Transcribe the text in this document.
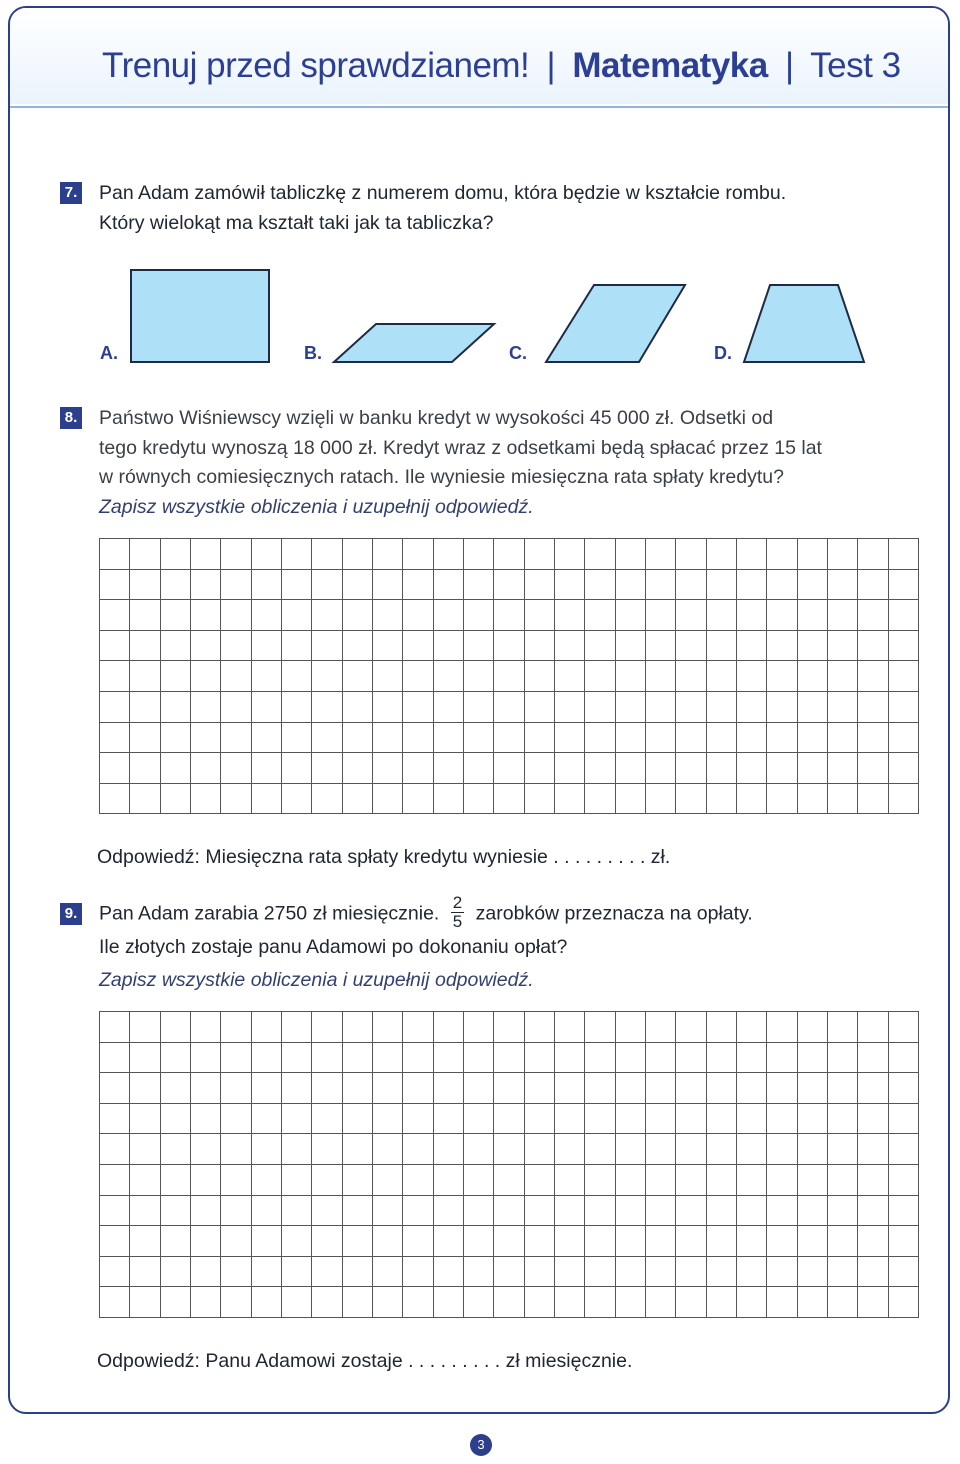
Trenuj przed sprawdzianem! | Matematyka | Test 3
7. Pan Adam zamówił tabliczkę z numerem domu, która będzie w kształcie rombu.
Który wielokąt ma kształt taki jak ta tabliczka?
A.	B.	C.	D.
8. Państwo Wiśniewscy wzięli w banku kredyt w wysokości 45 000 zł. Odsetki od
tego kredytu wynoszą 18 000 zł. Kredyt wraz z odsetkami będą spłacać przez 15 lat
w równych comiesięcznych ratach. Ile wyniesie miesięczna rata spłaty kredytu?
Zapisz wszystkie obliczenia i uzupełnij odpowiedź.
Odpowiedź: Miesięczna rata spłaty kredytu wyniesie . . . . . . . . . zł.
9. Pan Adam zarabia 2750 zł miesięcznie. $\frac{2}{5}$ zarobków przeznacza na opłaty.
Ile złotych zostaje panu Adamowi po dokonaniu opłat?
Zapisz wszystkie obliczenia i uzupełnij odpowiedź.
Odpowiedź: Panu Adamowi zostaje . . . . . . . . . zł miesięcznie.
3
